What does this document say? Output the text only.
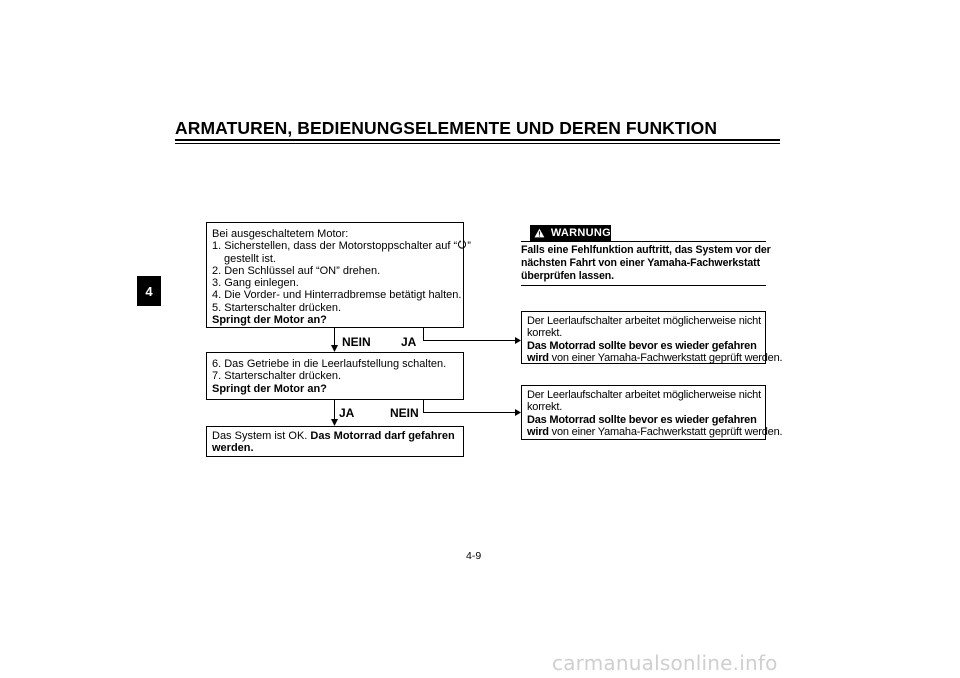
ARMATUREN, BEDIENUNGSELEMENTE UND DEREN FUNKTION
4
Bei ausgeschaltetem Motor:
1. Sicherstellen, dass der Motorstoppschalter auf “ ”
gestellt ist.
2. Den Schlüssel auf “ON” drehen.
3. Gang einlegen.
4. Die Vorder- und Hinterradbremse betätigt halten.
5. Starterschalter drücken.
Springt der Motor an?
6. Das Getriebe in die Leerlaufstellung schalten.
7. Starterschalter drücken.
Springt der Motor an?
Das System ist OK. Das Motorrad darf gefahren
werden.
Der Leerlaufschalter arbeitet möglicherweise nicht
korrekt.
Das Motorrad sollte bevor es wieder gefahren
wird von einer Yamaha-Fachwerkstatt geprüft werden.
Der Leerlaufschalter arbeitet möglicherweise nicht
korrekt.
Das Motorrad sollte bevor es wieder gefahren
wird von einer Yamaha-Fachwerkstatt geprüft werden.
NEIN	JA
JA	NEIN
WARNUNG
Falls eine Fehlfunktion auftritt, das System vor der
nächsten Fahrt von einer Yamaha-Fachwerkstatt
überprüfen lassen.
4-9
carmanualsonline.info
